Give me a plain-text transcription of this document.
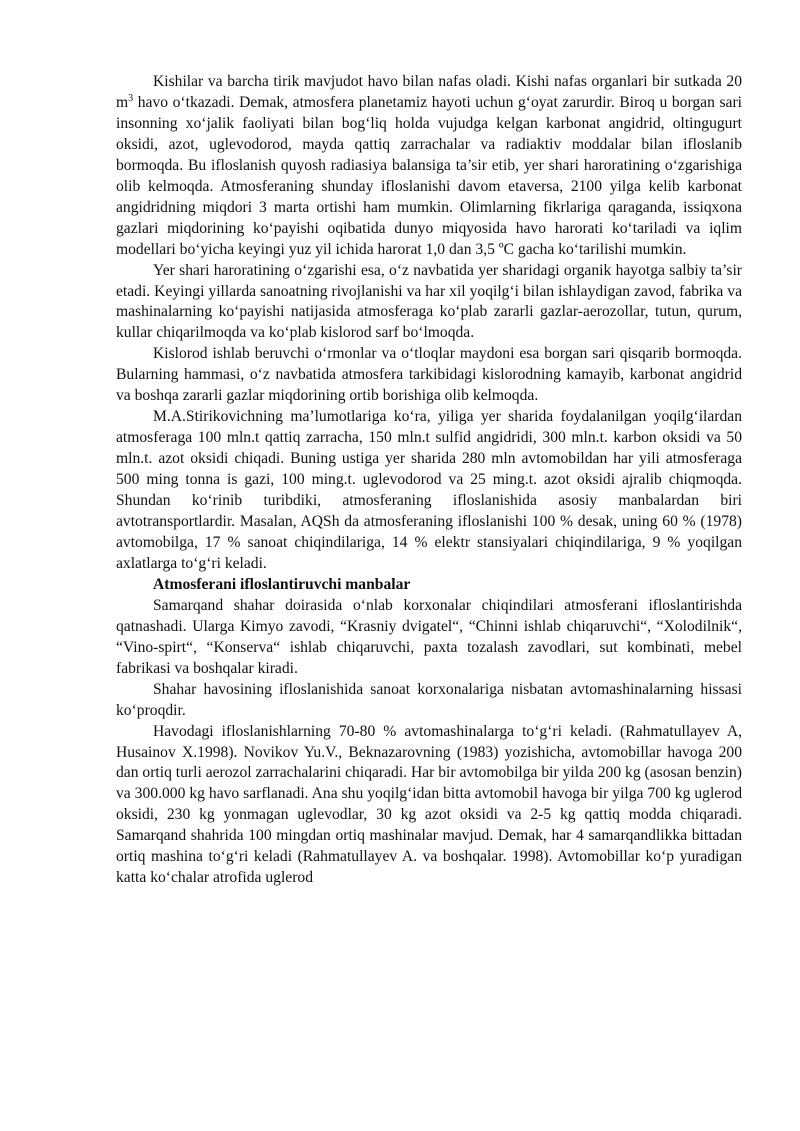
Kishilar va barcha tirik mavjudot havo bilan nafas oladi. Kishi nafas organlari bir sutkada 20 $m^3$ havo o‘tkazadi. Demak, atmosfera planetamiz hayoti uchun g‘oyat zarurdir. Biroq u borgan sari insonning xo‘jalik faoliyati bilan bog‘liq holda vujudga kelgan karbonat angidrid, oltingugurt oksidi, azot, uglevodorod, mayda qattiq zarrachalar va radiaktiv moddalar bilan ifloslanib bormoqda. Bu ifloslanish quyosh radiasiya balansiga ta’sir etib, yer shari haroratining o‘zgarishiga olib kelmoqda. Atmosferaning shunday ifloslanishi davom etaversa, 2100 yilga kelib karbonat angidridning miqdori 3 marta ortishi ham mumkin. Olimlarning fikrlariga qaraganda, issiqxona gazlari miqdorining ko‘payishi oqibatida dunyo miqyosida havo harorati ko‘tariladi va iqlim modellari bo‘yicha keyingi yuz yil ichida harorat 1,0 dan 3,5 ºC gacha ko‘tarilishi mumkin.

Yer shari haroratining o‘zgarishi esa, o‘z navbatida yer sharidagi organik hayotga salbiy ta’sir etadi. Keyingi yillarda sanoatning rivojlanishi va har xil yoqilg‘i bilan ishlaydigan zavod, fabrika va mashinalarning ko‘payishi natijasida atmosferaga ko‘plab zararli gazlar-aerozollar, tutun, qurum, kullar chiqarilmoqda va ko‘plab kislorod sarf bo‘lmoqda.

Kislorod ishlab beruvchi o‘rmonlar va o‘tloqlar maydoni esa borgan sari qisqarib bormoqda. Bularning hammasi, o‘z navbatida atmosfera tarkibidagi kislorodning kamayib, karbonat angidrid va boshqa zararli gazlar miqdorining ortib borishiga olib kelmoqda.

M.A.Stirikovichning ma’lumotlariga ko‘ra, yiliga yer sharida foydalanilgan yoqilg‘ilardan atmosferaga 100 mln.t qattiq zarracha, 150 mln.t sulfid angidridi, 300 mln.t. karbon oksidi va 50 mln.t. azot oksidi chiqadi. Buning ustiga yer sharida 280 mln avtomobildan har yili atmosferaga 500 ming tonna is gazi, 100 ming.t. uglevodorod va 25 ming.t. azot oksidi ajralib chiqmoqda. Shundan ko‘rinib turibdiki, atmosferaning ifloslanishida asosiy manbalardan biri avtotransportlardir. Masalan, AQSh da atmosferaning ifloslanishi 100 % desak, uning 60 % (1978) avtomobilga, 17 % sanoat chiqindilariga, 14 % elektr stansiyalari chiqindilariga, 9 % yoqilgan axlatlarga to‘g‘ri keladi.

Atmosferani ifloslantiruvchi manbalar

Samarqand shahar doirasida o‘nlab korxonalar chiqindilari atmosferani ifloslantirishda qatnashadi. Ularga Kimyo zavodi, “Krasniy dvigatel“, “Chinni ishlab chiqaruvchi“, “Xolodilnik“, “Vino-spirt“, “Konserva“ ishlab chiqaruvchi, paxta tozalash zavodlari, sut kombinati, mebel fabrikasi va boshqalar kiradi.

Shahar havosining ifloslanishida sanoat korxonalariga nisbatan avtomashinalarning hissasi ko‘proqdir.

Havodagi ifloslanishlarning 70-80 % avtomashinalarga to‘g‘ri keladi. (Rahmatullayev A, Husainov X.1998). Novikov Yu.V., Beknazarovning (1983) yozishicha, avtomobillar havoga 200 dan ortiq turli aerozol zarrachalarini chiqaradi. Har bir avtomobilga bir yilda 200 kg (asosan benzin) va 300.000 kg havo sarflanadi. Ana shu yoqilg‘idan bitta avtomobil havoga bir yilga 700 kg uglerod oksidi, 230 kg yonmagan uglevodlar, 30 kg azot oksidi va 2-5 kg qattiq modda chiqaradi. Samarqand shahrida 100 mingdan ortiq mashinalar mavjud. Demak, har 4 samarqandlikka bittadan ortiq mashina to‘g‘ri keladi (Rahmatullayev A. va boshqalar. 1998). Avtomobillar ko‘p yuradigan katta ko‘chalar atrofida uglerod
